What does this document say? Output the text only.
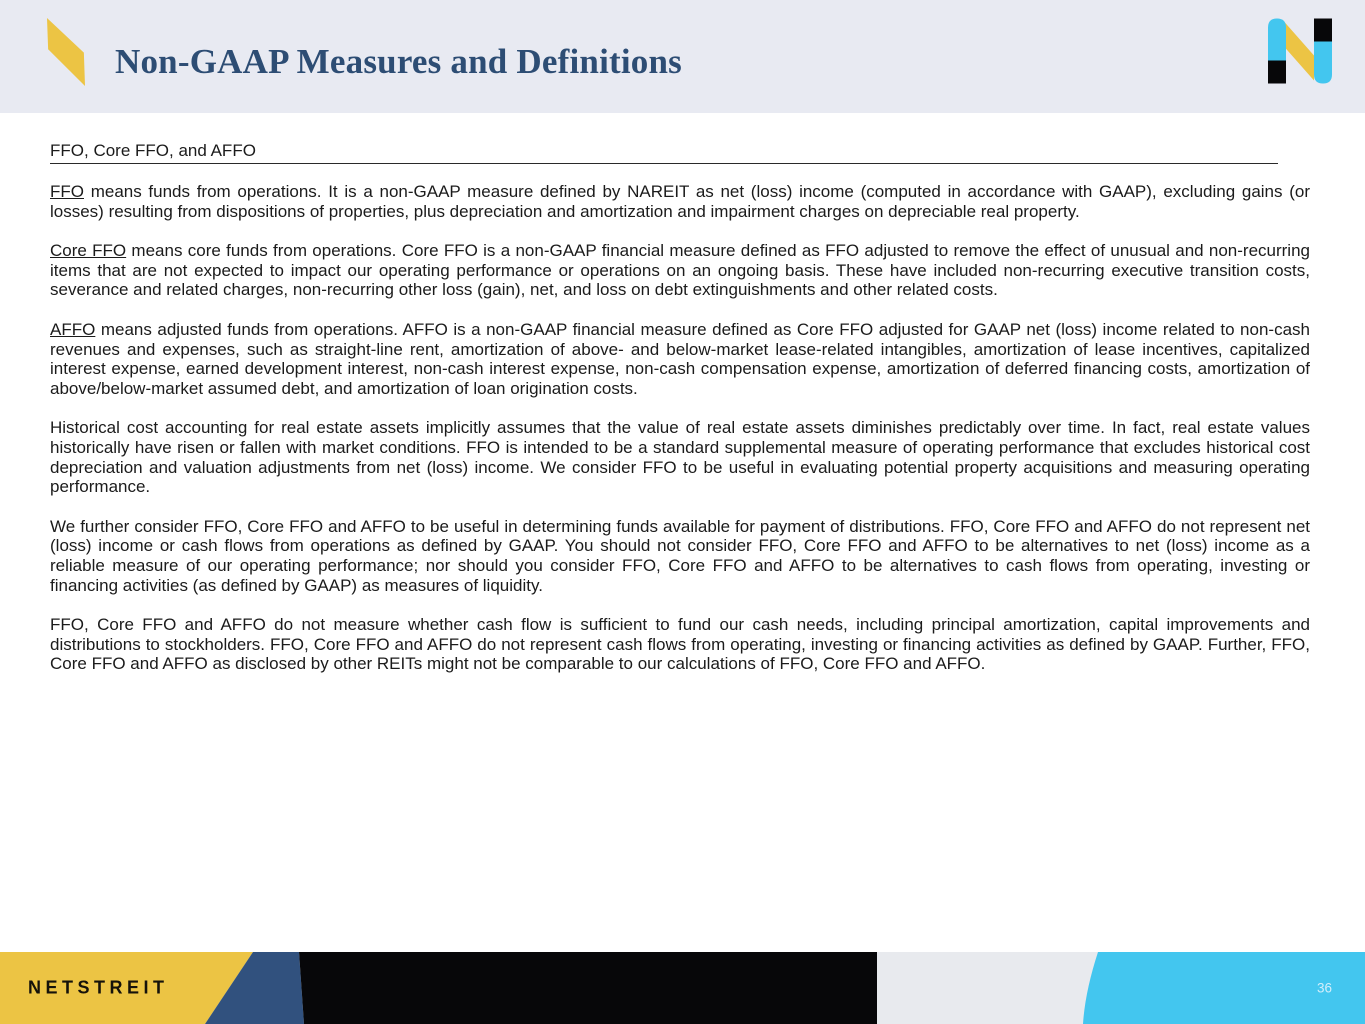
Non-GAAP Measures and Definitions
FFO, Core FFO, and AFFO

FFO means funds from operations. It is a non-GAAP measure defined by NAREIT as net (loss) income (computed in accordance with GAAP), excluding gains (or losses) resulting from dispositions of properties, plus depreciation and amortization and impairment charges on depreciable real property.

Core FFO means core funds from operations. Core FFO is a non-GAAP financial measure defined as FFO adjusted to remove the effect of unusual and non-recurring items that are not expected to impact our operating performance or operations on an ongoing basis. These have included non-recurring executive transition costs, severance and related charges, non-recurring other loss (gain), net, and loss on debt extinguishments and other related costs.

AFFO means adjusted funds from operations. AFFO is a non-GAAP financial measure defined as Core FFO adjusted for GAAP net (loss) income related to non-cash revenues and expenses, such as straight-line rent, amortization of above- and below-market lease-related intangibles, amortization of lease incentives, capitalized interest expense, earned development interest, non-cash interest expense, non-cash compensation expense, amortization of deferred financing costs, amortization of above/below-market assumed debt, and amortization of loan origination costs.

Historical cost accounting for real estate assets implicitly assumes that the value of real estate assets diminishes predictably over time. In fact, real estate values historically have risen or fallen with market conditions. FFO is intended to be a standard supplemental measure of operating performance that excludes historical cost depreciation and valuation adjustments from net (loss) income. We consider FFO to be useful in evaluating potential property acquisitions and measuring operating performance.

We further consider FFO, Core FFO and AFFO to be useful in determining funds available for payment of distributions. FFO, Core FFO and AFFO do not represent net (loss) income or cash flows from operations as defined by GAAP. You should not consider FFO, Core FFO and AFFO to be alternatives to net (loss) income as a reliable measure of our operating performance; nor should you consider FFO, Core FFO and AFFO to be alternatives to cash flows from operating, investing or financing activities (as defined by GAAP) as measures of liquidity.

FFO, Core FFO and AFFO do not measure whether cash flow is sufficient to fund our cash needs, including principal amortization, capital improvements and distributions to stockholders. FFO, Core FFO and AFFO do not represent cash flows from operating, investing or financing activities as defined by GAAP. Further, FFO, Core FFO and AFFO as disclosed by other REITs might not be comparable to our calculations of FFO, Core FFO and AFFO.

NETSTREIT	36
